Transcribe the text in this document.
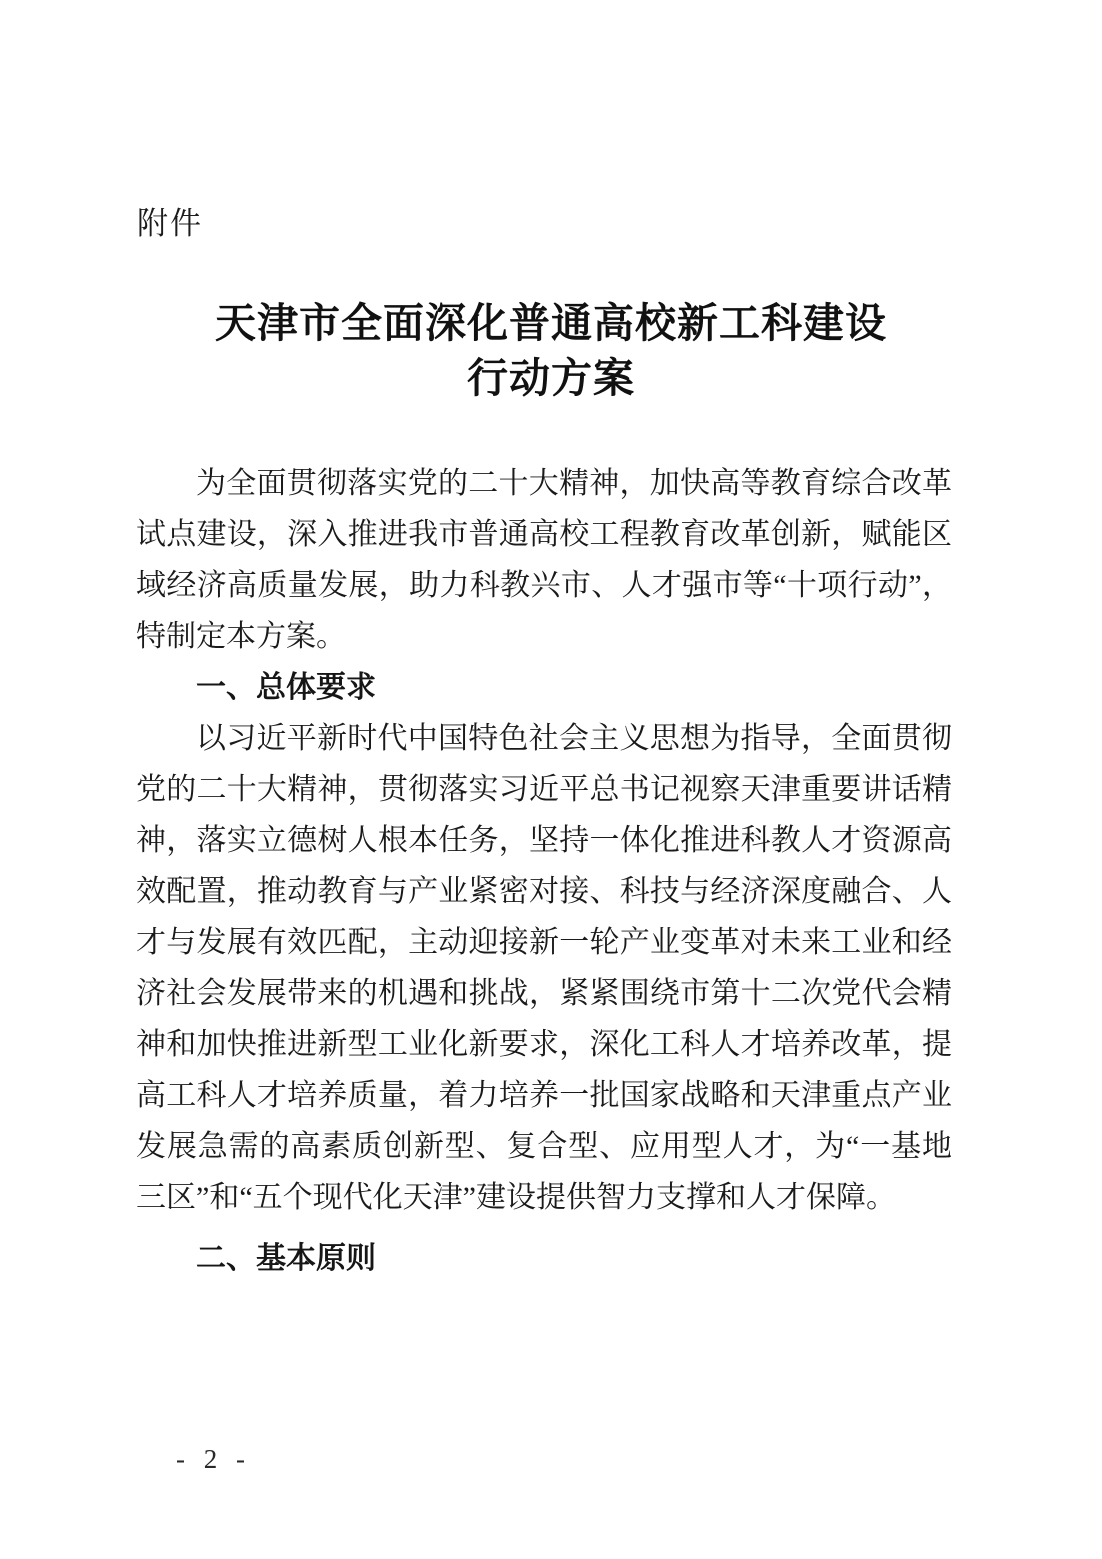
附件
天津市全面深化普通高校新工科建设
行动方案

为全面贯彻落实党的二十大精神，加快高等教育综合改革试点建设，深入推进我市普通高校工程教育改革创新，赋能区域经济高质量发展，助力科教兴市、人才强市等“十项行动”，特制定本方案。

一、总体要求

以习近平新时代中国特色社会主义思想为指导，全面贯彻党的二十大精神，贯彻落实习近平总书记视察天津重要讲话精神，落实立德树人根本任务，坚持一体化推进科教人才资源高效配置，推动教育与产业紧密对接、科技与经济深度融合、人才与发展有效匹配，主动迎接新一轮产业变革对未来工业和经济社会发展带来的机遇和挑战，紧紧围绕市第十二次党代会精神和加快推进新型工业化新要求，深化工科人才培养改革，提高工科人才培养质量，着力培养一批国家战略和天津重点产业发展急需的高素质创新型、复合型、应用型人才，为“一基地三区”和“五个现代化天津”建设提供智力支撑和人才保障。

二、基本原则
- 2 -
